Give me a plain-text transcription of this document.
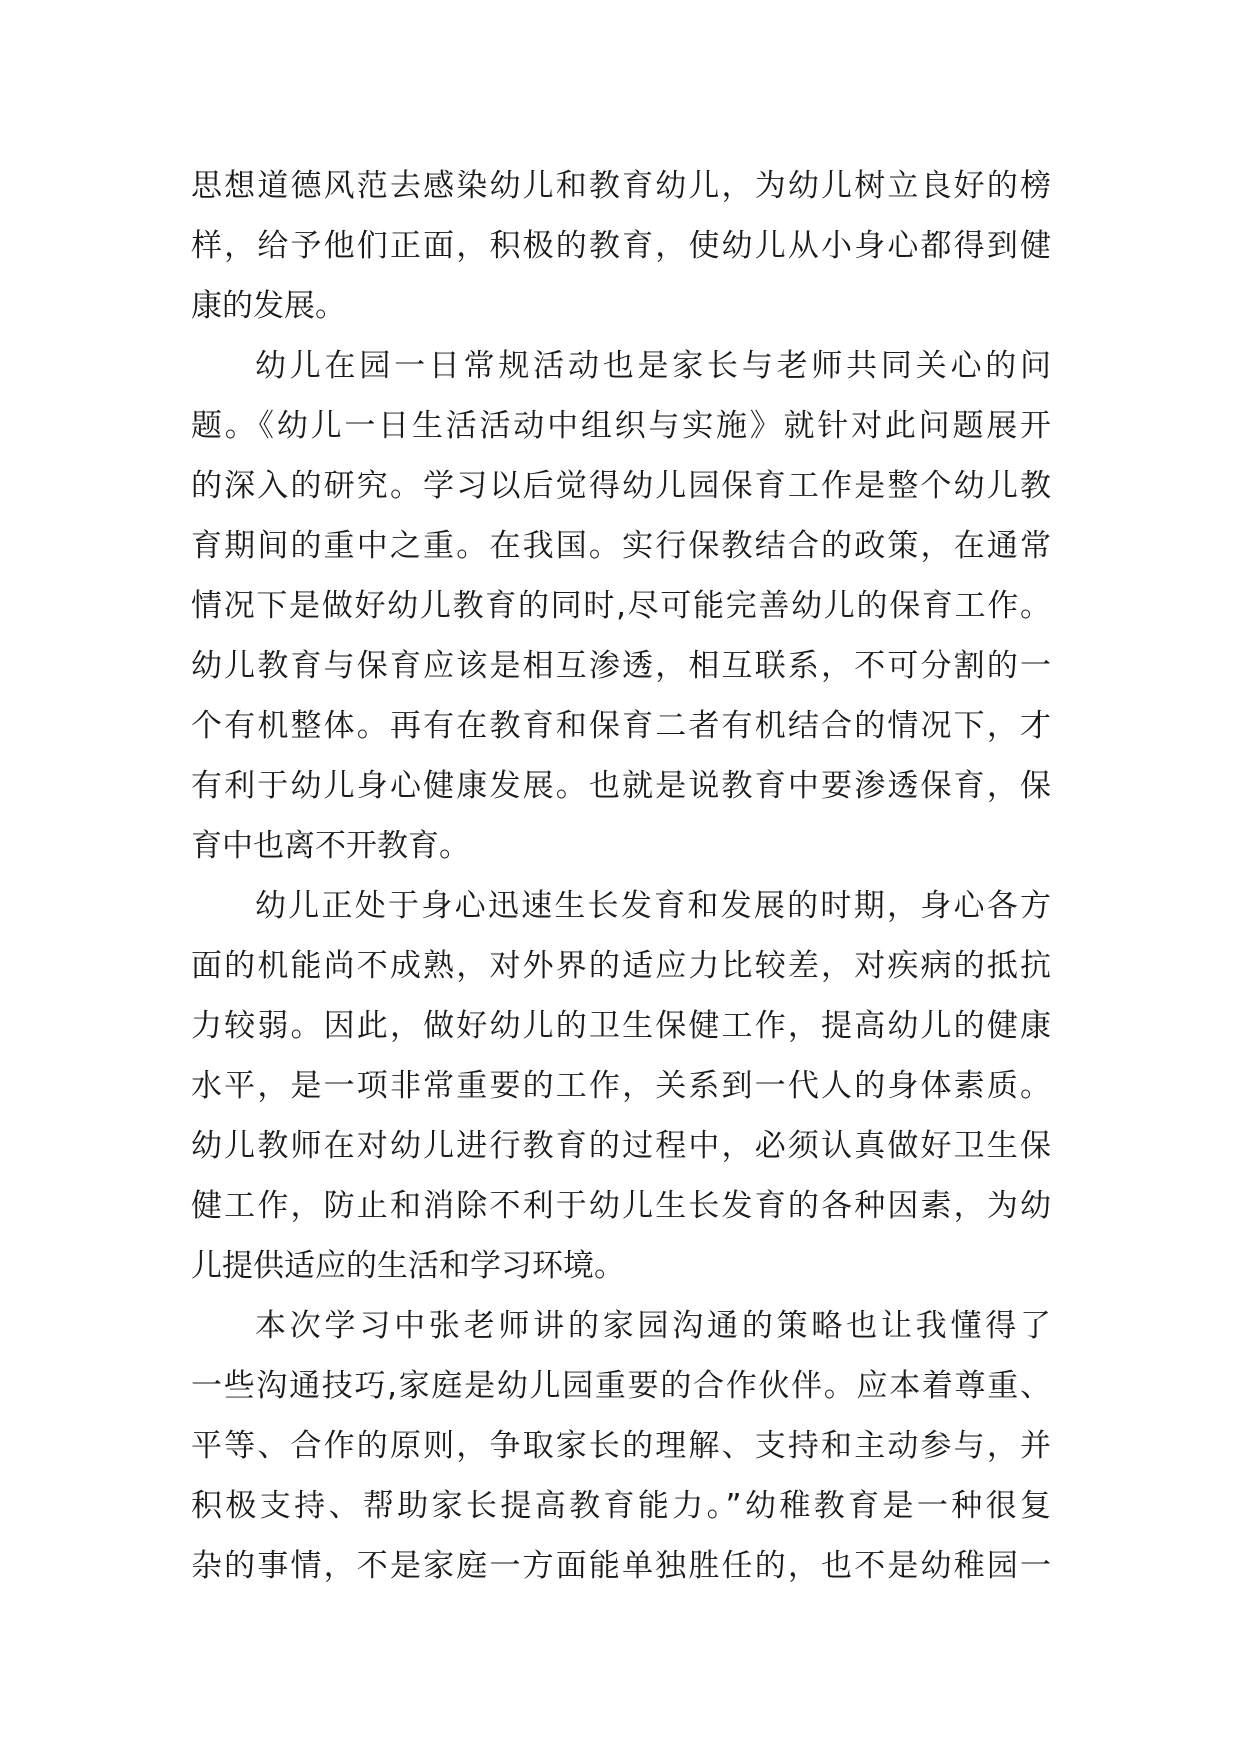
思想道德风范去感染幼儿和教育幼儿，为幼儿树立良好的榜
样，给予他们正面，积极的教育，使幼儿从小身心都得到健
康的发展。
幼儿在园一日常规活动也是家长与老师共同关心的问
题。《幼儿一日生活活动中组织与实施》就针对此问题展开
的深入的研究。学习以后觉得幼儿园保育工作是整个幼儿教
育期间的重中之重。在我国。实行保教结合的政策，在通常
情况下是做好幼儿教育的同时,尽可能完善幼儿的保育工作。
幼儿教育与保育应该是相互渗透，相互联系，不可分割的一
个有机整体。再有在教育和保育二者有机结合的情况下，才
有利于幼儿身心健康发展。也就是说教育中要渗透保育，保
育中也离不开教育。
幼儿正处于身心迅速生长发育和发展的时期，身心各方
面的机能尚不成熟，对外界的适应力比较差，对疾病的抵抗
力较弱。因此，做好幼儿的卫生保健工作，提高幼儿的健康
水平，是一项非常重要的工作，关系到一代人的身体素质。
幼儿教师在对幼儿进行教育的过程中，必须认真做好卫生保
健工作，防止和消除不利于幼儿生长发育的各种因素，为幼
儿提供适应的生活和学习环境。
本次学习中张老师讲的家园沟通的策略也让我懂得了
一些沟通技巧,家庭是幼儿园重要的合作伙伴。应本着尊重、
平等、合作的原则，争取家长的理解、支持和主动参与，并
积极支持、帮助家长提高教育能力。”幼稚教育是一种很复
杂的事情，不是家庭一方面能单独胜任的，也不是幼稚园一
